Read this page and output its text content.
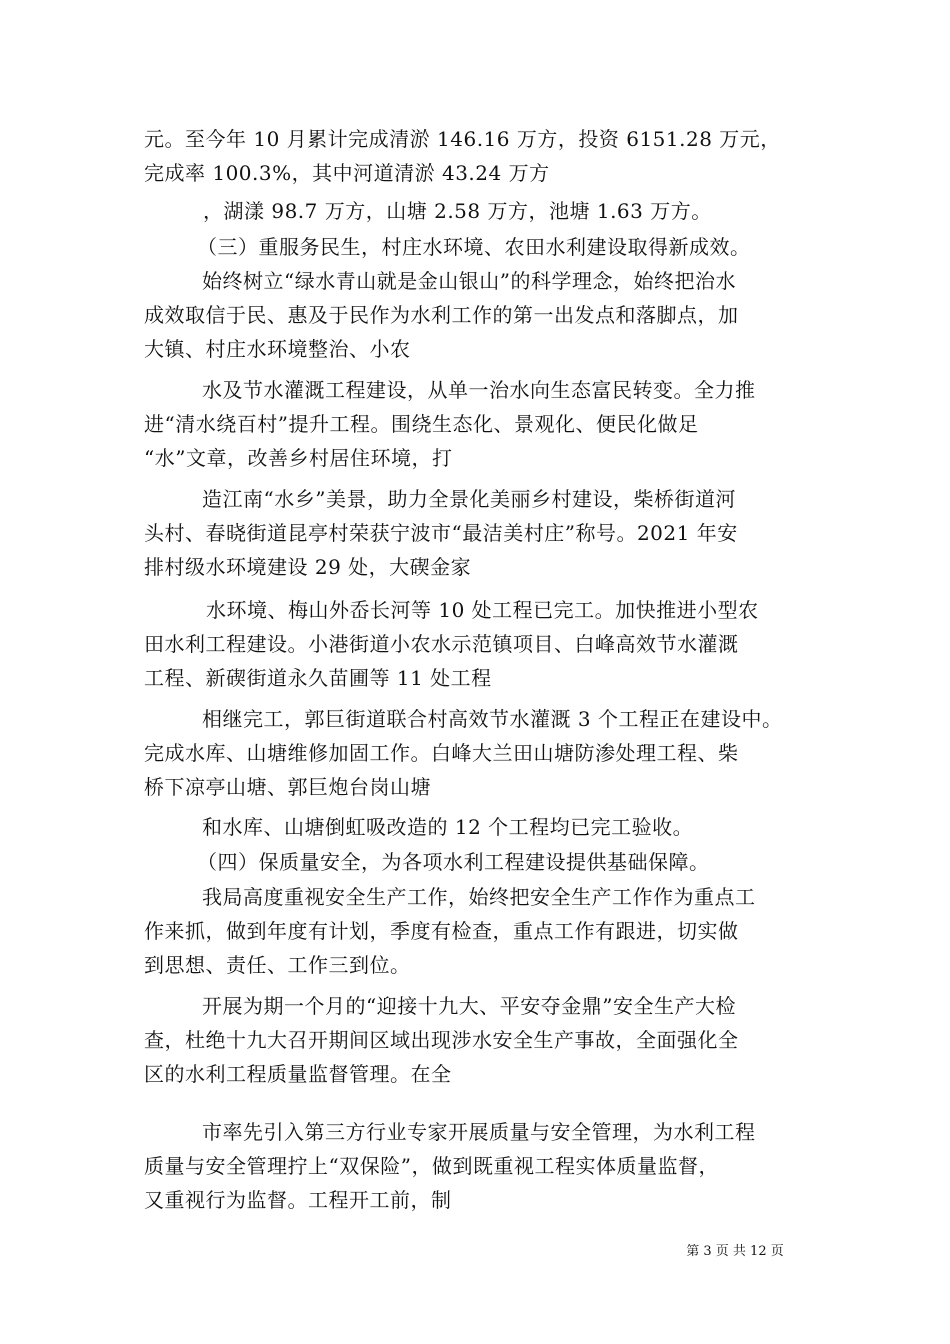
元。至今年 10 月累计完成清淤 146.16 万方，投资 6151.28 万元，
完成率 100.3%，其中河道清淤 43.24 万方
，湖漾 98.7 万方，山塘 2.58 万方，池塘 1.63 万方。
（三）重服务民生，村庄水环境、农田水利建设取得新成效。
始终树立“绿水青山就是金山银山”的科学理念，始终把治水
成效取信于民、惠及于民作为水利工作的第一出发点和落脚点，加
大镇、村庄水环境整治、小农
水及节水灌溉工程建设，从单一治水向生态富民转变。全力推
进“清水绕百村”提升工程。围绕生态化、景观化、便民化做足
“水”文章，改善乡村居住环境，打
造江南“水乡”美景，助力全景化美丽乡村建设，柴桥街道河
头村、春晓街道昆亭村荣获宁波市“最洁美村庄”称号。2021 年安
排村级水环境建设 29 处，大碶金家
水环境、梅山外岙长河等 10 处工程已完工。加快推进小型农
田水利工程建设。小港街道小农水示范镇项目、白峰高效节水灌溉
工程、新碶街道永久苗圃等 11 处工程
相继完工，郭巨街道联合村高效节水灌溉 3 个工程正在建设中。
完成水库、山塘维修加固工作。白峰大兰田山塘防渗处理工程、柴
桥下凉亭山塘、郭巨炮台岗山塘
和水库、山塘倒虹吸改造的 12 个工程均已完工验收。
（四）保质量安全，为各项水利工程建设提供基础保障。
我局高度重视安全生产工作，始终把安全生产工作作为重点工
作来抓，做到年度有计划，季度有检查，重点工作有跟进，切实做
到思想、责任、工作三到位。
开展为期一个月的“迎接十九大、平安夺金鼎”安全生产大检
查，杜绝十九大召开期间区域出现涉水安全生产事故，全面强化全
区的水利工程质量监督管理。在全
市率先引入第三方行业专家开展质量与安全管理，为水利工程
质量与安全管理拧上“双保险”，做到既重视工程实体质量监督，
又重视行为监督。工程开工前，制
第 3 页 共 12 页
